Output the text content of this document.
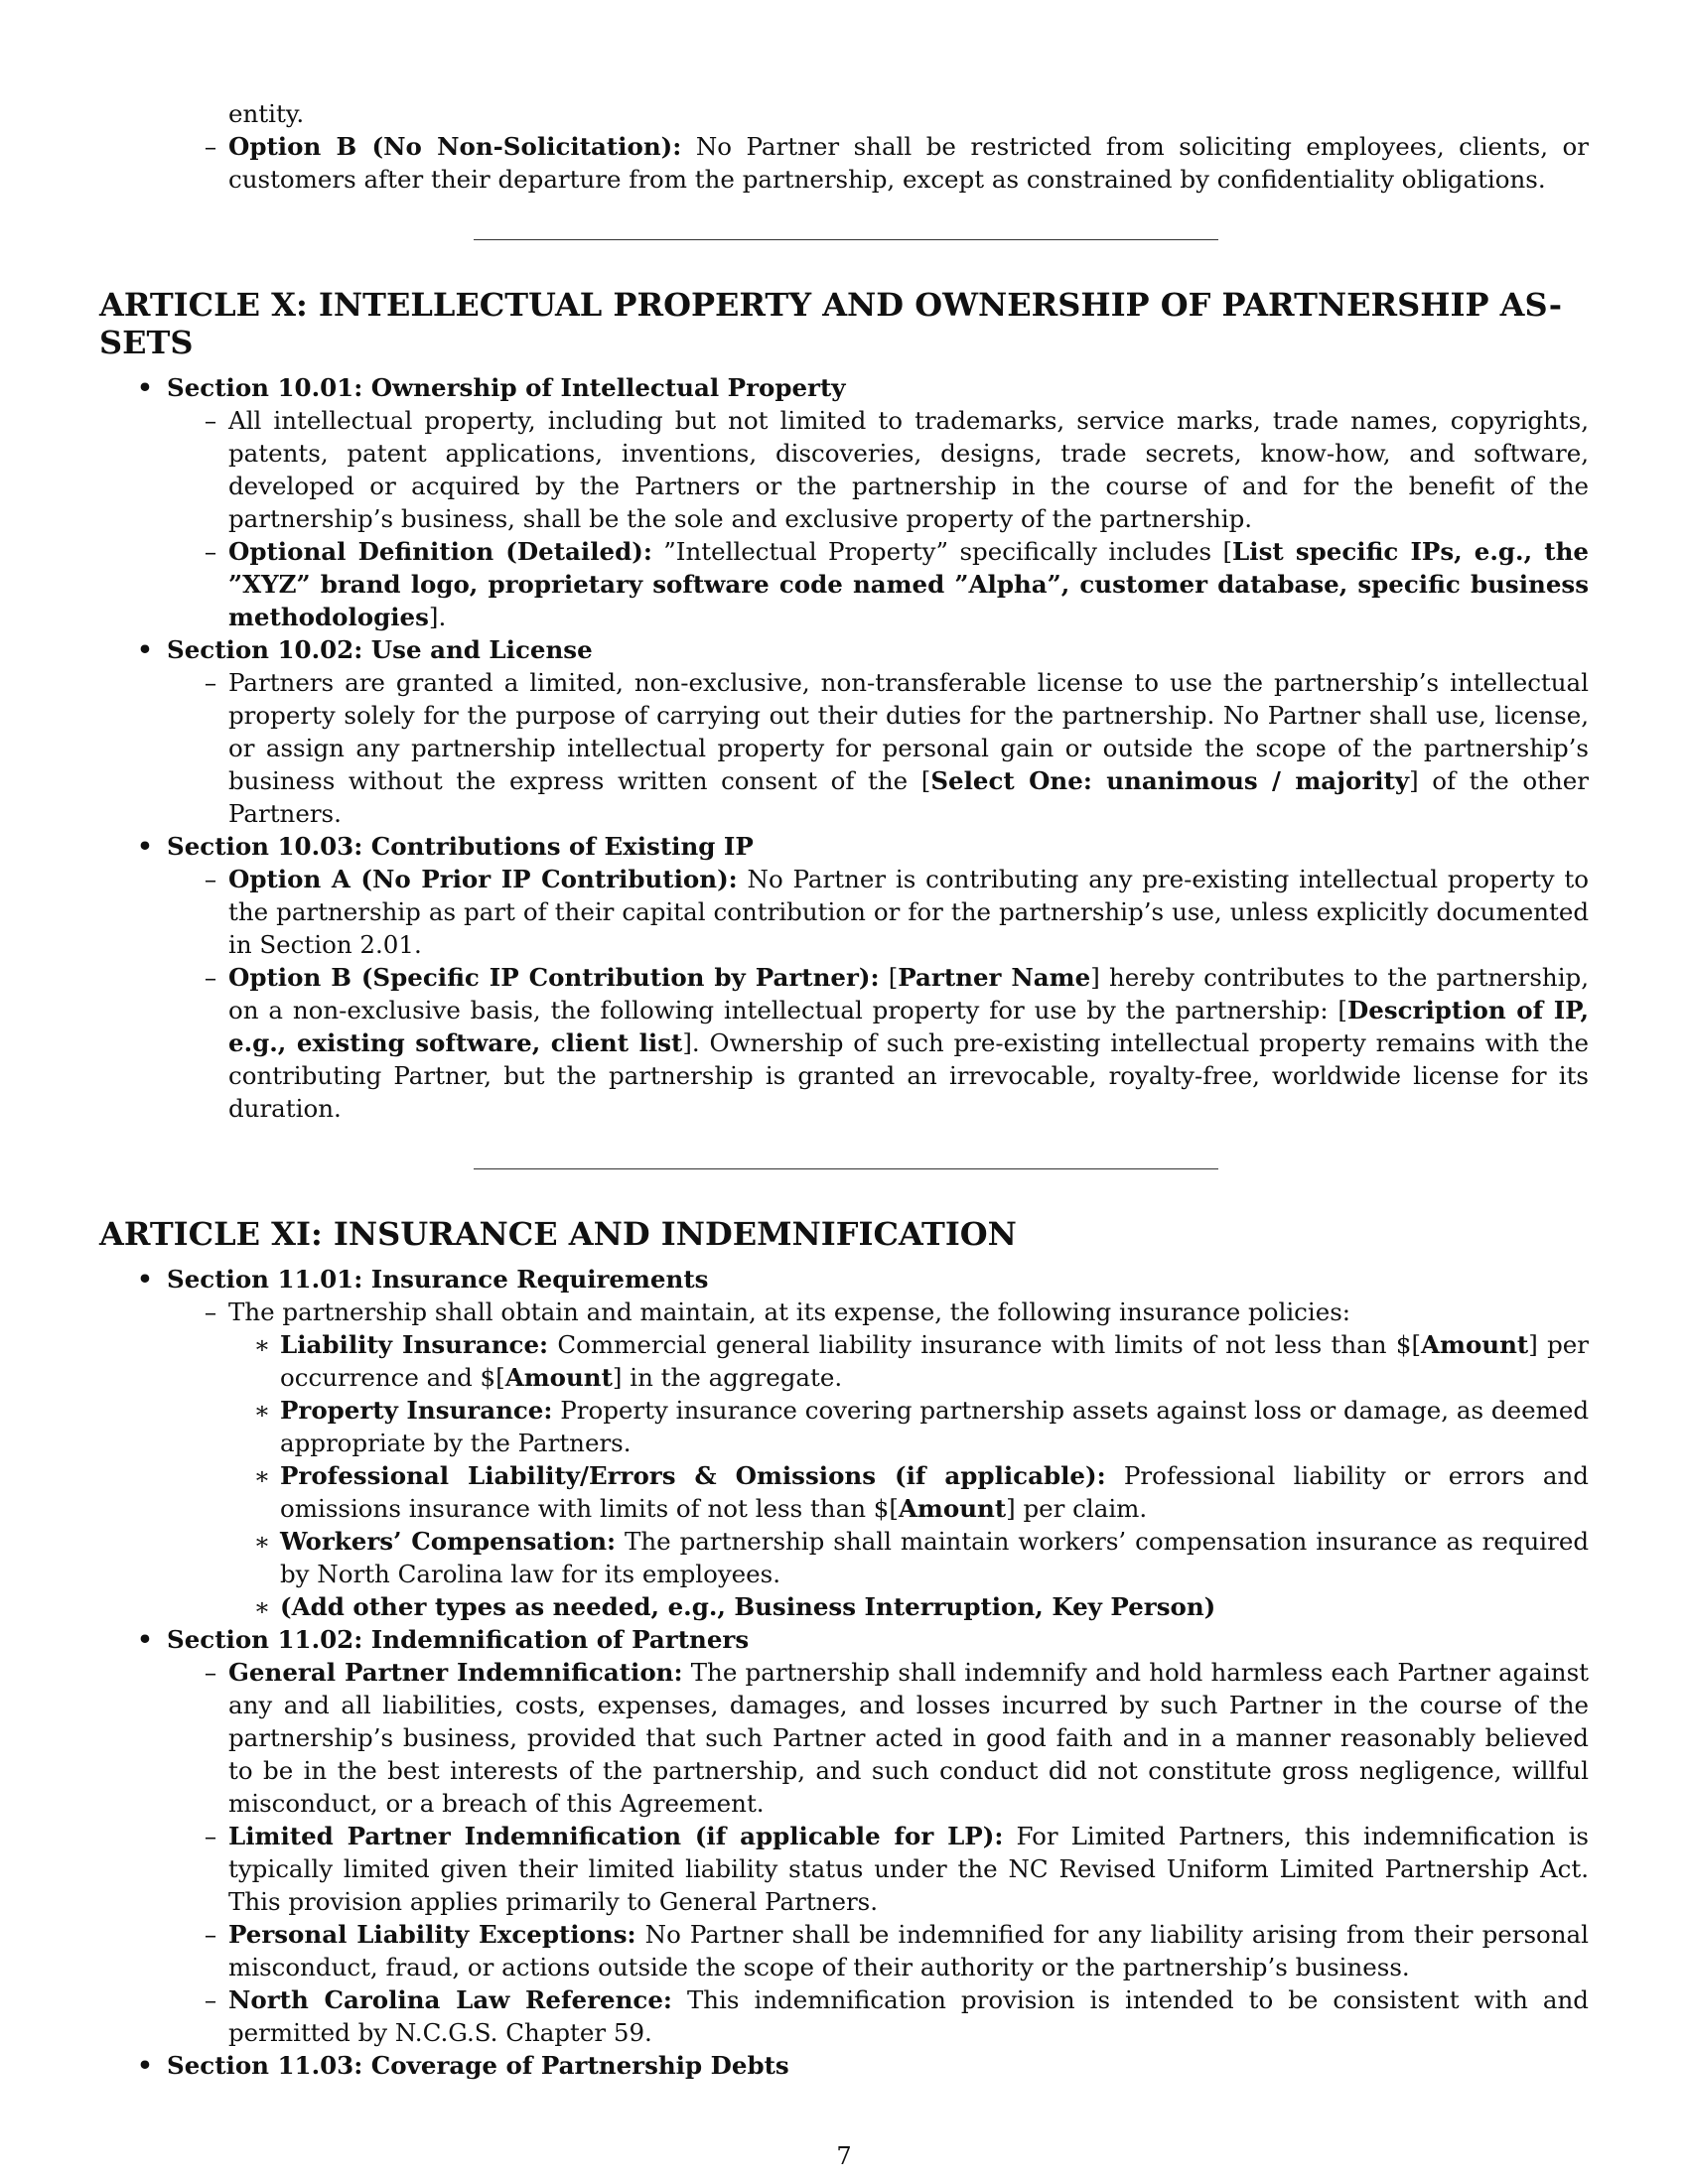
entity.

– Option B (No Non-Solicitation): No Partner shall be restricted from soliciting employees, clients, or customers after their departure from the partnership, except as constrained by confidentiality obligations.

ARTICLE X: INTELLECTUAL PROPERTY AND OWNERSHIP OF PARTNERSHIP AS-SETS

• Section 10.01: Ownership of Intellectual Property

– All intellectual property, including but not limited to trademarks, service marks, trade names, copyrights, patents, patent applications, inventions, discoveries, designs, trade secrets, know-how, and software, developed or acquired by the Partners or the partnership in the course of and for the benefit of the partnership’s business, shall be the sole and exclusive property of the partnership.

– Optional Definition (Detailed): ”Intellectual Property” specifically includes [List specific IPs, e.g., the ”XYZ” brand logo, proprietary software code named ”Alpha”, customer database, specific business methodologies].

• Section 10.02: Use and License

– Partners are granted a limited, non-exclusive, non-transferable license to use the partnership’s intellectual property solely for the purpose of carrying out their duties for the partnership. No Partner shall use, license, or assign any partnership intellectual property for personal gain or outside the scope of the partnership’s business without the express written consent of the [Select One: unanimous / majority] of the other Partners.

• Section 10.03: Contributions of Existing IP

– Option A (No Prior IP Contribution): No Partner is contributing any pre-existing intellectual property to the partnership as part of their capital contribution or for the partnership’s use, unless explicitly documented in Section 2.01.

– Option B (Specific IP Contribution by Partner): [Partner Name] hereby contributes to the partnership, on a non-exclusive basis, the following intellectual property for use by the partnership: [Description of IP, e.g., existing software, client list]. Ownership of such pre-existing intellectual property remains with the contributing Partner, but the partnership is granted an irrevocable, royalty-free, worldwide license for its duration.

ARTICLE XI: INSURANCE AND INDEMNIFICATION

• Section 11.01: Insurance Requirements

– The partnership shall obtain and maintain, at its expense, the following insurance policies:

∗ Liability Insurance: Commercial general liability insurance with limits of not less than $[Amount] per occurrence and $[Amount] in the aggregate.

∗ Property Insurance: Property insurance covering partnership assets against loss or damage, as deemed appropriate by the Partners.

∗ Professional Liability/Errors & Omissions (if applicable): Professional liability or errors and omissions insurance with limits of not less than $[Amount] per claim.

∗ Workers’ Compensation: The partnership shall maintain workers’ compensation insurance as required by North Carolina law for its employees.

∗ (Add other types as needed, e.g., Business Interruption, Key Person)

• Section 11.02: Indemnification of Partners

– General Partner Indemnification: The partnership shall indemnify and hold harmless each Partner against any and all liabilities, costs, expenses, damages, and losses incurred by such Partner in the course of the partnership’s business, provided that such Partner acted in good faith and in a manner reasonably believed to be in the best interests of the partnership, and such conduct did not constitute gross negligence, willful misconduct, or a breach of this Agreement.

– Limited Partner Indemnification (if applicable for LP): For Limited Partners, this indemnification is typically limited given their limited liability status under the NC Revised Uniform Limited Partnership Act. This provision applies primarily to General Partners.

– Personal Liability Exceptions: No Partner shall be indemnified for any liability arising from their personal misconduct, fraud, or actions outside the scope of their authority or the partnership’s business.

– North Carolina Law Reference: This indemnification provision is intended to be consistent with and permitted by N.C.G.S. Chapter 59.

• Section 11.03: Coverage of Partnership Debts

7
